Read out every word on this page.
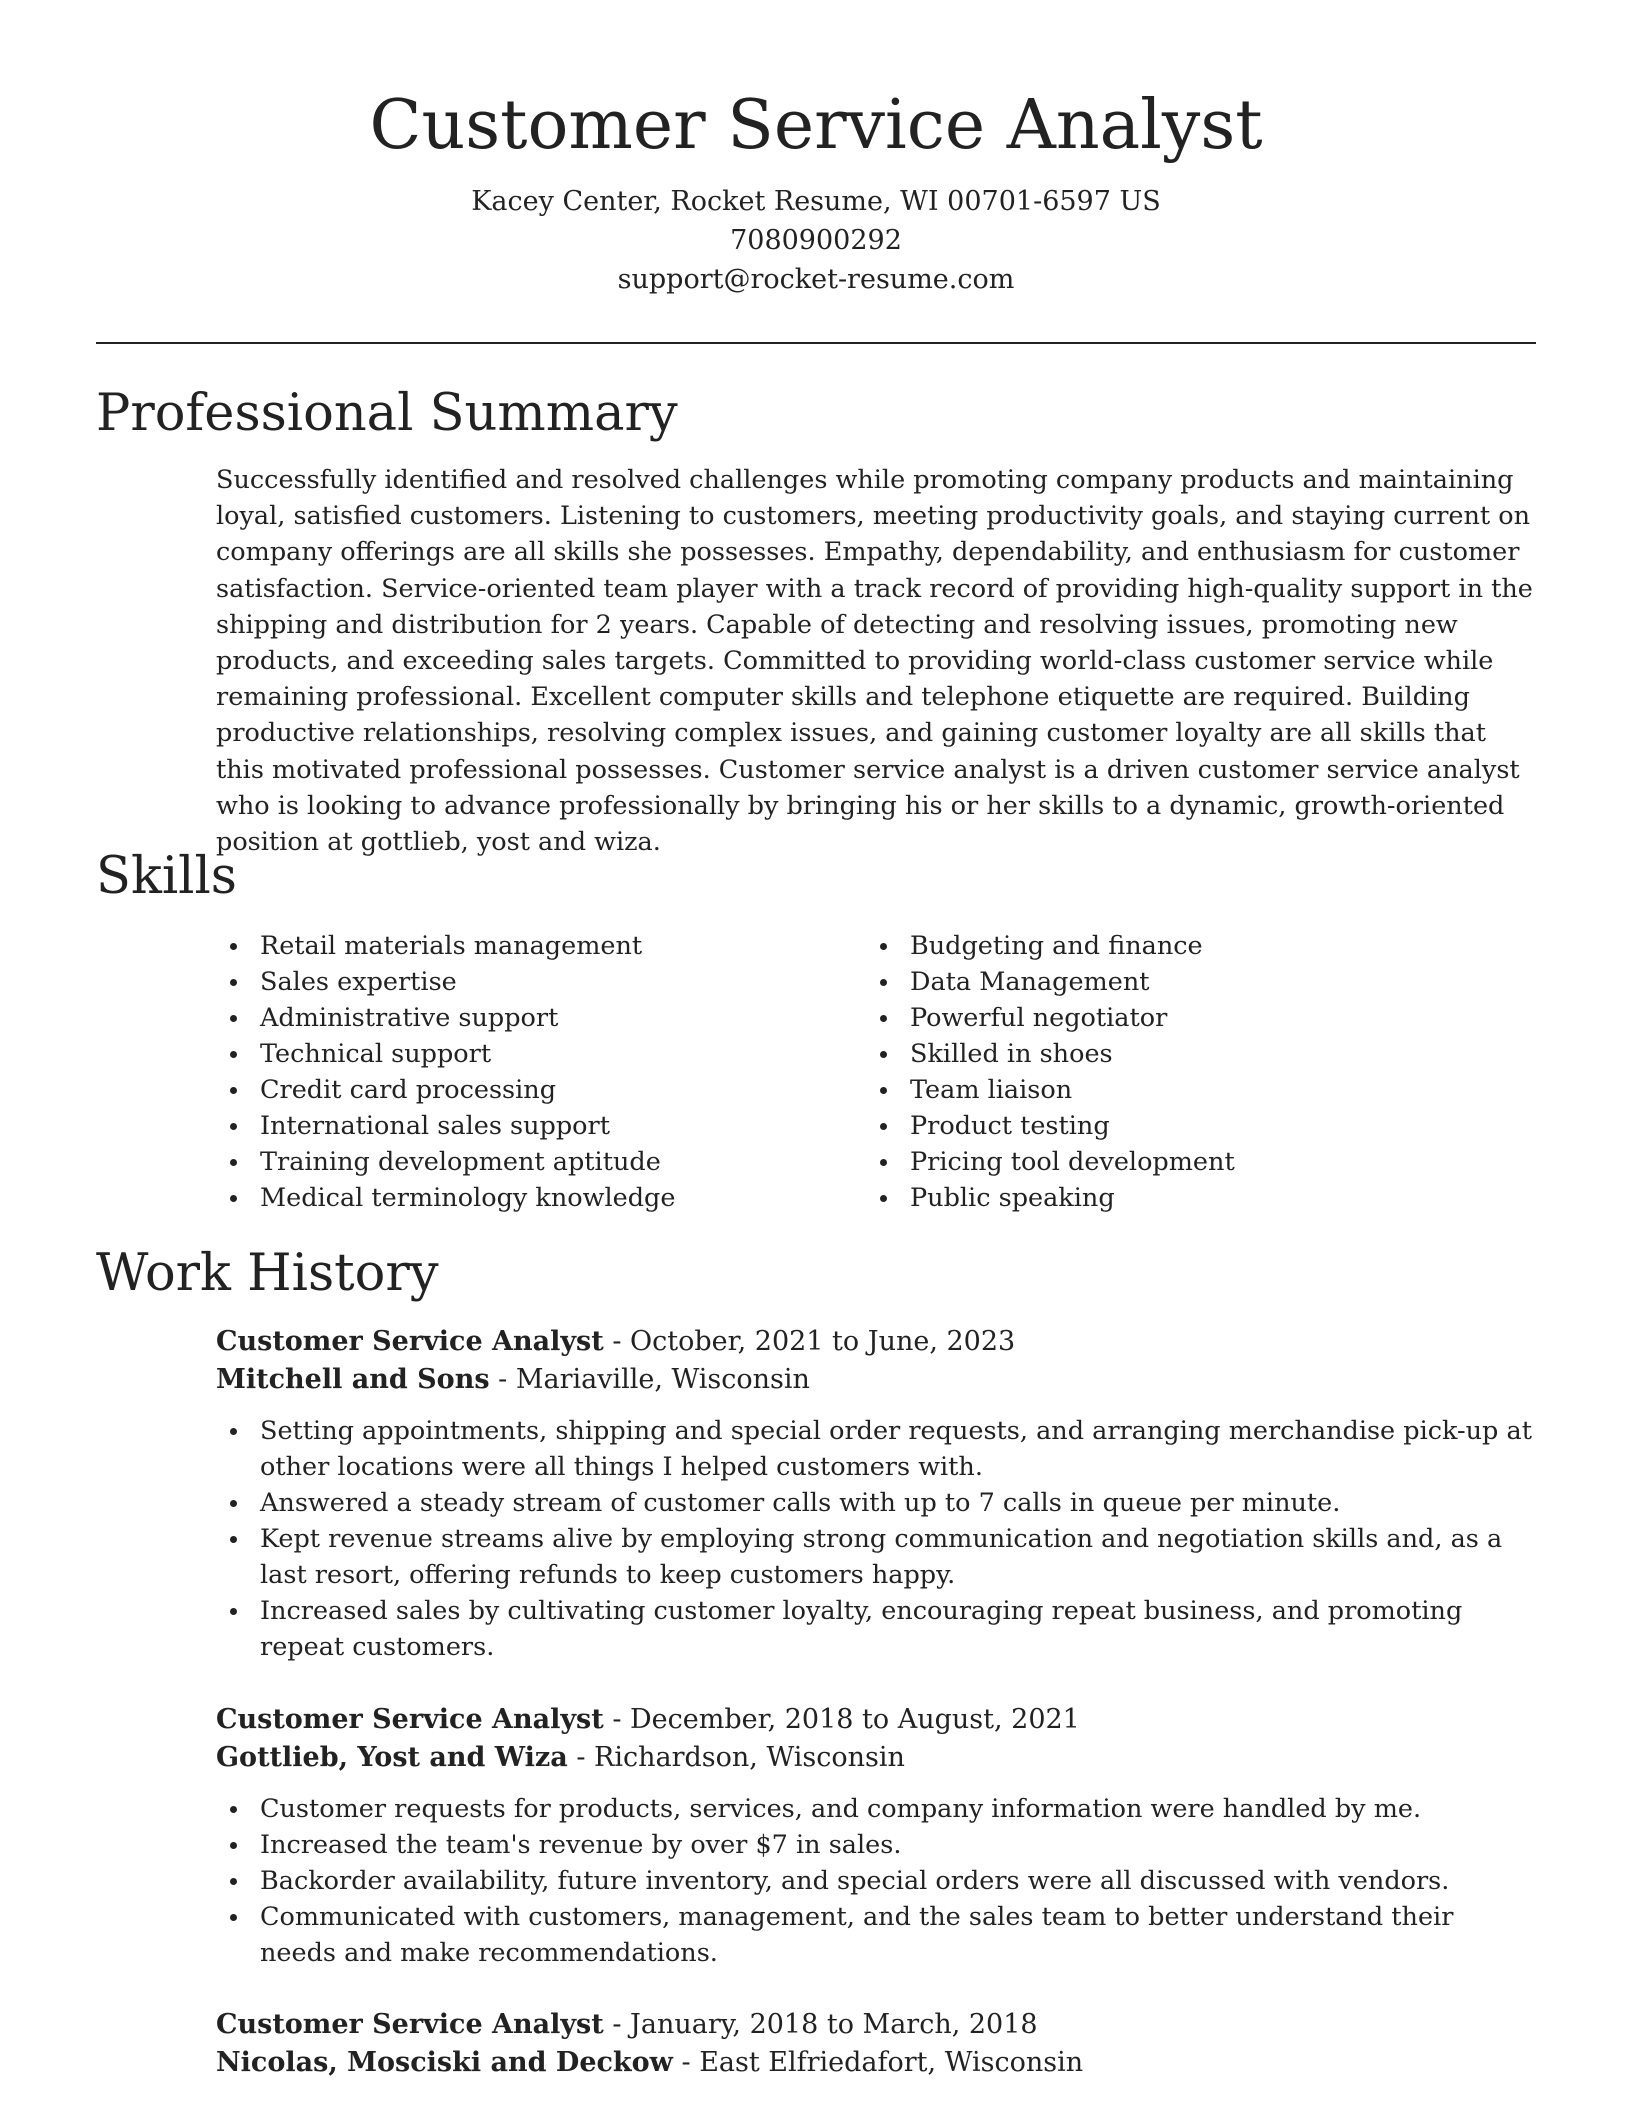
Customer Service Analyst
Kacey Center, Rocket Resume, WI 00701-6597 US
7080900292
support@rocket-resume.com
Professional Summary

Successfully identified and resolved challenges while promoting company products and maintaining loyal, satisfied customers. Listening to customers, meeting productivity goals, and staying current on company offerings are all skills she possesses. Empathy, dependability, and enthusiasm for customer satisfaction. Service-oriented team player with a track record of providing high-quality support in the shipping and distribution for 2 years. Capable of detecting and resolving issues, promoting new products, and exceeding sales targets. Committed to providing world-class customer service while remaining professional. Excellent computer skills and telephone etiquette are required. Building productive relationships, resolving complex issues, and gaining customer loyalty are all skills that this motivated professional possesses. Customer service analyst is a driven customer service analyst who is looking to advance professionally by bringing his or her skills to a dynamic, growth-oriented position at gottlieb, yost and wiza.

Skills
Retail materials management
Sales expertise
Administrative support
Technical support
Credit card processing
International sales support
Training development aptitude
Medical terminology knowledge
Budgeting and finance
Data Management
Powerful negotiator
Skilled in shoes
Team liaison
Product testing
Pricing tool development
Public speaking
Work History
Customer Service Analyst - October, 2021 to June, 2023
Mitchell and Sons - Mariaville, Wisconsin
Setting appointments, shipping and special order requests, and arranging merchandise pick-up at other locations were all things I helped customers with.
Answered a steady stream of customer calls with up to 7 calls in queue per minute.
Kept revenue streams alive by employing strong communication and negotiation skills and, as a last resort, offering refunds to keep customers happy.
Increased sales by cultivating customer loyalty, encouraging repeat business, and promoting repeat customers.
Customer Service Analyst - December, 2018 to August, 2021
Gottlieb, Yost and Wiza - Richardson, Wisconsin
Customer requests for products, services, and company information were handled by me.
Increased the team's revenue by over $7 in sales.
Backorder availability, future inventory, and special orders were all discussed with vendors.
Communicated with customers, management, and the sales team to better understand their needs and make recommendations.
Customer Service Analyst - January, 2018 to March, 2018
Nicolas, Mosciski and Deckow - East Elfriedafort, Wisconsin
